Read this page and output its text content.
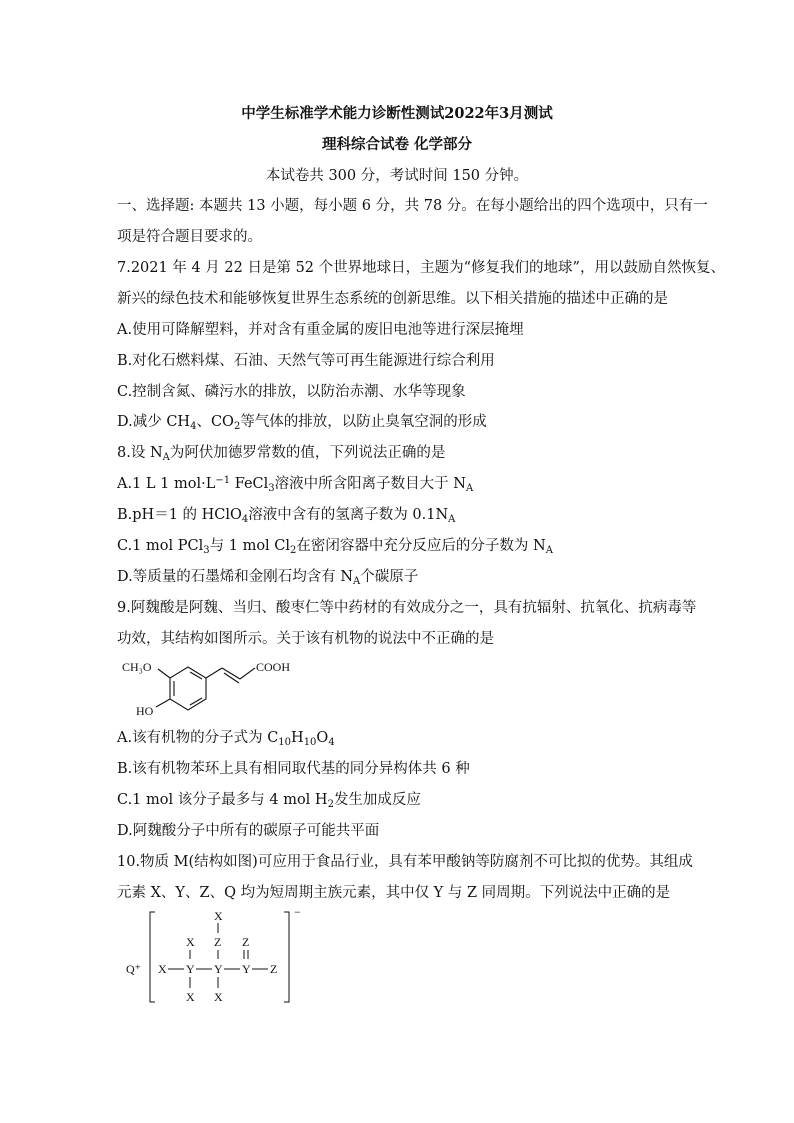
中学生标准学术能力诊断性测试2022年3月测试
理科综合试卷 化学部分
本试卷共 300 分，考试时间 150 分钟。
一、选择题: 本题共 13 小题，每小题 6 分，共 78 分。在每小题给出的四个选项中，只有一
项是符合题目要求的。
7.2021 年 4 月 22 日是第 52 个世界地球日，主题为“修复我们的地球”，用以鼓励自然恢复、
新兴的绿色技术和能够恢复世界生态系统的创新思维。以下相关措施的描述中正确的是
A.使用可降解塑料，并对含有重金属的废旧电池等进行深层掩埋
B.对化石燃料煤、石油、天然气等可再生能源进行综合利用
C.控制含氮、磷污水的排放，以防治赤潮、水华等现象
D.减少 $CH_4$、$CO_2$等气体的排放，以防止臭氧空洞的形成
8.设 $N_A$为阿伏加德罗常数的值，下列说法正确的是
A.1 L 1 $mol\cdot L^{-1}$ FeCl$_3$溶液中所含阳离子数目大于 $N_A$
B.pH＝1 的 HClO$_4$溶液中含有的氢离子数为 $0.1N_A$
C.1 mol PCl$_3$与 1 mol $Cl_2$在密闭容器中充分反应后的分子数为 $N_A$
D.等质量的石墨烯和金刚石均含有 $N_A$个碳原子
9.阿魏酸是阿魏、当归、酸枣仁等中药材的有效成分之一，具有抗辐射、抗氧化、抗病毒等
功效，其结构如图所示。关于该有机物的说法中不正确的是
CH₃O	COOH
HO
A.该有机物的分子式为 $C_{10}H_{10}O_4$
B.该有机物苯环上具有相同取代基的同分异构体共 6 种
C.1 mol 该分子最多与 4 mol $H_2$发生加成反应
D.阿魏酸分子中所有的碳原子可能共平面
10.物质 M(结构如图)可应用于食品行业，具有苯甲酸钠等防腐剂不可比拟的优势。其组成
元素 X、Y、Z、Q 均为短周期主族元素，其中仅 Y 与 Z 同周期。下列说法中正确的是
Q⁺
X
X Z Z
X Y Y Y Z
X X
−
